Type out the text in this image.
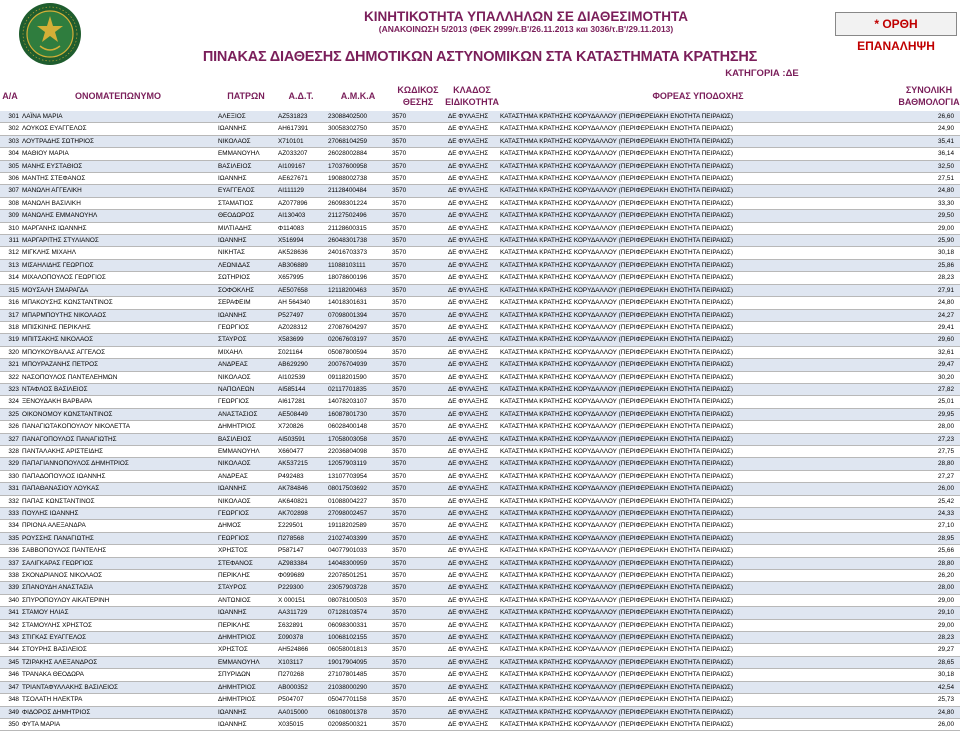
ΚΙΝΗΤΙΚΟΤΗΤΑ ΥΠΑΛΛΗΛΩΝ ΣΕ ΔΙΑΘΕΣΙΜΟΤΗΤΑ
(ΑΝΑΚΟΙΝΩΣΗ 5/2013 (ΦΕΚ 2999/τ.Β'/26.11.2013 και 3036/τ.Β'/29.11.2013)	* ΟΡΘΗ ΕΠΑΝΑΛΗΨΗ
ΠΙΝΑΚΑΣ ΔΙΑΘΕΣΗΣ ΔΗΜΟΤΙΚΩΝ ΑΣΤΥΝΟΜΙΚΩΝ ΣΤΑ ΚΑΤΑΣΤΗΜΑΤΑ ΚΡΑΤΗΣΗΣ
ΚΑΤΗΓΟΡΙΑ :ΔΕ
Α/Α	ΟΝΟΜΑΤΕΠΩΝΥΜΟ	ΠΑΤΡΩΝ	Α.Δ.Τ.	Α.Μ.Κ.Α
ΚΩΔΙΚΟΣ
ΘΕΣΗΣ
ΚΛΑΔΟΣ
ΕΙΔΙΚΟΤΗΤΑ
ΦΟΡΕΑΣ ΥΠΟΔΟΧΗΣ
ΣΥΝΟΛΙΚΗ
ΒΑΘΜΟΛΟΓΙΑ
301	ΛΑΪΝΑ ΜΑΡΙΑ	ΑΛΕΞΙΟΣ	ΑΖ531823	23088402500	3570	ΔΕ ΦΥΛΑΞΗΣ	ΚΑΤΑΣΤΗΜΑ ΚΡΑΤΗΣΗΣ ΚΟΡΥΔΑΛΛΟΥ (ΠΕΡΙΦΕΡΕΙΑΚΗ ΕΝΟΤΗΤΑ ΠΕΙΡΑΙΩΣ)	26,60
302	ΛΟΥΚΟΣ ΕΥΑΓΓΕΛΟΣ	ΙΩΑΝΝΗΣ	ΑΗ617391	30058302750	3570	ΔΕ ΦΥΛΑΞΗΣ	ΚΑΤΑΣΤΗΜΑ ΚΡΑΤΗΣΗΣ ΚΟΡΥΔΑΛΛΟΥ (ΠΕΡΙΦΕΡΕΙΑΚΗ ΕΝΟΤΗΤΑ ΠΕΙΡΑΙΩΣ)	24,90
303	ΛΟΥΤΡΑΔΗΣ ΣΩΤΗΡΙΟΣ	ΝΙΚΟΛΑΟΣ	Χ710101	27068104259	3570	ΔΕ ΦΥΛΑΞΗΣ	ΚΑΤΑΣΤΗΜΑ ΚΡΑΤΗΣΗΣ ΚΟΡΥΔΑΛΛΟΥ (ΠΕΡΙΦΕΡΕΙΑΚΗ ΕΝΟΤΗΤΑ ΠΕΙΡΑΙΩΣ)	35,41
304	ΜΑΘΙΟΥ ΜΑΡΙΑ	ΕΜΜΑΝΟΥΗΛ	ΑΖ033207	26028002884	3570	ΔΕ ΦΥΛΑΞΗΣ	ΚΑΤΑΣΤΗΜΑ ΚΡΑΤΗΣΗΣ ΚΟΡΥΔΑΛΛΟΥ (ΠΕΡΙΦΕΡΕΙΑΚΗ ΕΝΟΤΗΤΑ ΠΕΙΡΑΙΩΣ)	36,14
305	ΜΑΝΗΣ ΕΥΣΤΑΘΙΟΣ	ΒΑΣΙΛΕΙΟΣ	ΑΙ109167	17037600958	3570	ΔΕ ΦΥΛΑΞΗΣ	ΚΑΤΑΣΤΗΜΑ ΚΡΑΤΗΣΗΣ ΚΟΡΥΔΑΛΛΟΥ (ΠΕΡΙΦΕΡΕΙΑΚΗ ΕΝΟΤΗΤΑ ΠΕΙΡΑΙΩΣ)	32,50
306	ΜΑΝΤΗΣ ΣΤΕΦΑΝΟΣ	ΙΩΑΝΝΗΣ	ΑΕ627671	19088002738	3570	ΔΕ ΦΥΛΑΞΗΣ	ΚΑΤΑΣΤΗΜΑ ΚΡΑΤΗΣΗΣ ΚΟΡΥΔΑΛΛΟΥ (ΠΕΡΙΦΕΡΕΙΑΚΗ ΕΝΟΤΗΤΑ ΠΕΙΡΑΙΩΣ)	27,51
307	ΜΑΝΩΛΗ ΑΓΓΕΛΙΚΗ	ΕΥΑΓΓΕΛΟΣ	ΑΙ111129	21128400484	3570	ΔΕ ΦΥΛΑΞΗΣ	ΚΑΤΑΣΤΗΜΑ ΚΡΑΤΗΣΗΣ ΚΟΡΥΔΑΛΛΟΥ (ΠΕΡΙΦΕΡΕΙΑΚΗ ΕΝΟΤΗΤΑ ΠΕΙΡΑΙΩΣ)	24,80
308	ΜΑΝΩΛΗ ΒΑΣΙΛΙΚΗ	ΣΤΑΜΑΤΙΟΣ	ΑΖ077896	26098301224	3570	ΔΕ ΦΥΛΑΞΗΣ	ΚΑΤΑΣΤΗΜΑ ΚΡΑΤΗΣΗΣ ΚΟΡΥΔΑΛΛΟΥ (ΠΕΡΙΦΕΡΕΙΑΚΗ ΕΝΟΤΗΤΑ ΠΕΙΡΑΙΩΣ)	33,30
309	ΜΑΝΩΛΗΣ ΕΜΜΑΝΟΥΗΛ	ΘΕΟΔΩΡΟΣ	ΑΙ130403	21127502496	3570	ΔΕ ΦΥΛΑΞΗΣ	ΚΑΤΑΣΤΗΜΑ ΚΡΑΤΗΣΗΣ ΚΟΡΥΔΑΛΛΟΥ (ΠΕΡΙΦΕΡΕΙΑΚΗ ΕΝΟΤΗΤΑ ΠΕΙΡΑΙΩΣ)	29,50
310	ΜΑΡΓΑΝΗΣ ΙΩΑΝΝΗΣ	ΜΙΛΤΙΑΔΗΣ	Φ114083	21128600315	3570	ΔΕ ΦΥΛΑΞΗΣ	ΚΑΤΑΣΤΗΜΑ ΚΡΑΤΗΣΗΣ ΚΟΡΥΔΑΛΛΟΥ (ΠΕΡΙΦΕΡΕΙΑΚΗ ΕΝΟΤΗΤΑ ΠΕΙΡΑΙΩΣ)	29,00
311	ΜΑΡΓΑΡΙΤΗΣ ΣΤΥΛΙΑΝΟΣ	ΙΩΑΝΝΗΣ	Χ516994	26048301738	3570	ΔΕ ΦΥΛΑΞΗΣ	ΚΑΤΑΣΤΗΜΑ ΚΡΑΤΗΣΗΣ ΚΟΡΥΔΑΛΛΟΥ (ΠΕΡΙΦΕΡΕΙΑΚΗ ΕΝΟΤΗΤΑ ΠΕΙΡΑΙΩΣ)	25,90
312	ΜΙΓΚΛΗΣ ΜΙΧΑΗΛ	ΝΙΚΗΤΑΣ	ΑΚ528636	24016703373	3570	ΔΕ ΦΥΛΑΞΗΣ	ΚΑΤΑΣΤΗΜΑ ΚΡΑΤΗΣΗΣ ΚΟΡΥΔΑΛΛΟΥ (ΠΕΡΙΦΕΡΕΙΑΚΗ ΕΝΟΤΗΤΑ ΠΕΙΡΑΙΩΣ)	30,18
313	ΜΙΣΑΗΛΙΔΗΣ ΓΕΩΡΓΙΟΣ	ΛΕΩΝΙΔΑΣ	ΑΒ306889	11088103111	3570	ΔΕ ΦΥΛΑΞΗΣ	ΚΑΤΑΣΤΗΜΑ ΚΡΑΤΗΣΗΣ ΚΟΡΥΔΑΛΛΟΥ (ΠΕΡΙΦΕΡΕΙΑΚΗ ΕΝΟΤΗΤΑ ΠΕΙΡΑΙΩΣ)	25,86
314	ΜΙΧΑΛΟΠΟΥΛΟΣ ΓΕΩΡΓΙΟΣ	ΣΩΤΗΡΙΟΣ	Χ657995	18078600196	3570	ΔΕ ΦΥΛΑΞΗΣ	ΚΑΤΑΣΤΗΜΑ ΚΡΑΤΗΣΗΣ ΚΟΡΥΔΑΛΛΟΥ (ΠΕΡΙΦΕΡΕΙΑΚΗ ΕΝΟΤΗΤΑ ΠΕΙΡΑΙΩΣ)	28,23
315	ΜΟΥΣΑΛΗ ΣΜΑΡΑΓΔΑ	ΣΟΦΟΚΛΗΣ	ΑΕ507658	12118200463	3570	ΔΕ ΦΥΛΑΞΗΣ	ΚΑΤΑΣΤΗΜΑ ΚΡΑΤΗΣΗΣ ΚΟΡΥΔΑΛΛΟΥ (ΠΕΡΙΦΕΡΕΙΑΚΗ ΕΝΟΤΗΤΑ ΠΕΙΡΑΙΩΣ)	27,91
316	ΜΠΑΚΟΥΣΗΣ ΚΩΝΣΤΑΝΤΙΝΟΣ	ΣΕΡΑΦΕΙΜ	ΑΗ 564340	14018301631	3570	ΔΕ ΦΥΛΑΞΗΣ	ΚΑΤΑΣΤΗΜΑ ΚΡΑΤΗΣΗΣ ΚΟΡΥΔΑΛΛΟΥ (ΠΕΡΙΦΕΡΕΙΑΚΗ ΕΝΟΤΗΤΑ ΠΕΙΡΑΙΩΣ)	24,80
317	ΜΠΑΡΜΠΟΥΤΗΣ ΝΙΚΟΛΑΟΣ	ΙΩΑΝΝΗΣ	Ρ527497	07098001394	3570	ΔΕ ΦΥΛΑΞΗΣ	ΚΑΤΑΣΤΗΜΑ ΚΡΑΤΗΣΗΣ ΚΟΡΥΔΑΛΛΟΥ (ΠΕΡΙΦΕΡΕΙΑΚΗ ΕΝΟΤΗΤΑ ΠΕΙΡΑΙΩΣ)	24,27
318	ΜΠΙΣΚΙΝΗΣ ΠΕΡΙΚΛΗΣ	ΓΕΩΡΓΙΟΣ	ΑΖ028312	27087604297	3570	ΔΕ ΦΥΛΑΞΗΣ	ΚΑΤΑΣΤΗΜΑ ΚΡΑΤΗΣΗΣ ΚΟΡΥΔΑΛΛΟΥ (ΠΕΡΙΦΕΡΕΙΑΚΗ ΕΝΟΤΗΤΑ ΠΕΙΡΑΙΩΣ)	29,41
319	ΜΠΙΤΣΑΚΗΣ ΝΙΚΟΛΑΟΣ	ΣΤΑΥΡΟΣ	Χ583699	02067603197	3570	ΔΕ ΦΥΛΑΞΗΣ	ΚΑΤΑΣΤΗΜΑ ΚΡΑΤΗΣΗΣ ΚΟΡΥΔΑΛΛΟΥ (ΠΕΡΙΦΕΡΕΙΑΚΗ ΕΝΟΤΗΤΑ ΠΕΙΡΑΙΩΣ)	29,60
320	ΜΠΟΥΚΟΥΒΑΛΑΣ ΑΓΓΕΛΟΣ	ΜΙΧΑΗΛ	Σ021164	05087800594	3570	ΔΕ ΦΥΛΑΞΗΣ	ΚΑΤΑΣΤΗΜΑ ΚΡΑΤΗΣΗΣ ΚΟΡΥΔΑΛΛΟΥ (ΠΕΡΙΦΕΡΕΙΑΚΗ ΕΝΟΤΗΤΑ ΠΕΙΡΑΙΩΣ)	32,61
321	ΜΠΟΥΡΑΖΑΝΗΣ ΠΕΤΡΟΣ	ΑΝΔΡΕΑΣ	ΑΒ629290	20076704939	3570	ΔΕ ΦΥΛΑΞΗΣ	ΚΑΤΑΣΤΗΜΑ ΚΡΑΤΗΣΗΣ ΚΟΡΥΔΑΛΛΟΥ (ΠΕΡΙΦΕΡΕΙΑΚΗ ΕΝΟΤΗΤΑ ΠΕΙΡΑΙΩΣ)	29,47
322	ΝΑΣΟΠΟΥΛΟΣ ΠΑΝΤΕΛΕΗΜΩΝ	ΝΙΚΟΛΑΟΣ	ΑΙ102539	09118201590	3570	ΔΕ ΦΥΛΑΞΗΣ	ΚΑΤΑΣΤΗΜΑ ΚΡΑΤΗΣΗΣ ΚΟΡΥΔΑΛΛΟΥ (ΠΕΡΙΦΕΡΕΙΑΚΗ ΕΝΟΤΗΤΑ ΠΕΙΡΑΙΩΣ)	30,20
323	ΝΤΑΦΛΟΣ ΒΑΣΙΛΕΙΟΣ	ΝΑΠΟΛΕΩΝ	ΑΙ585144	02117701835	3570	ΔΕ ΦΥΛΑΞΗΣ	ΚΑΤΑΣΤΗΜΑ ΚΡΑΤΗΣΗΣ ΚΟΡΥΔΑΛΛΟΥ (ΠΕΡΙΦΕΡΕΙΑΚΗ ΕΝΟΤΗΤΑ ΠΕΙΡΑΙΩΣ)	27,82
324	ΞΕΝΟΥΔΑΚΗ ΒΑΡΒΑΡΑ	ΓΕΩΡΓΙΟΣ	ΑΙ617281	14078203107	3570	ΔΕ ΦΥΛΑΞΗΣ	ΚΑΤΑΣΤΗΜΑ ΚΡΑΤΗΣΗΣ ΚΟΡΥΔΑΛΛΟΥ (ΠΕΡΙΦΕΡΕΙΑΚΗ ΕΝΟΤΗΤΑ ΠΕΙΡΑΙΩΣ)	25,01
325	ΟΙΚΟΝΟΜΟΥ ΚΩΝΣΤΑΝΤΙΝΟΣ	ΑΝΑΣΤΑΣΙΟΣ	ΑΕ508449	16087801730	3570	ΔΕ ΦΥΛΑΞΗΣ	ΚΑΤΑΣΤΗΜΑ ΚΡΑΤΗΣΗΣ ΚΟΡΥΔΑΛΛΟΥ (ΠΕΡΙΦΕΡΕΙΑΚΗ ΕΝΟΤΗΤΑ ΠΕΙΡΑΙΩΣ)	29,95
326	ΠΑΝΑΓΙΩΤΑΚΟΠΟΥΛΟΥ ΝΙΚΟΛΕΤΤΑ	ΔΗΜΗΤΡΙΟΣ	Χ720826	06028400148	3570	ΔΕ ΦΥΛΑΞΗΣ	ΚΑΤΑΣΤΗΜΑ ΚΡΑΤΗΣΗΣ ΚΟΡΥΔΑΛΛΟΥ (ΠΕΡΙΦΕΡΕΙΑΚΗ ΕΝΟΤΗΤΑ ΠΕΙΡΑΙΩΣ)	28,00
327	ΠΑΝΑΓΟΠΟΥΛΟΣ ΠΑΝΑΓΙΩΤΗΣ	ΒΑΣΙΛΕΙΟΣ	ΑΙ503591	17058003058	3570	ΔΕ ΦΥΛΑΞΗΣ	ΚΑΤΑΣΤΗΜΑ ΚΡΑΤΗΣΗΣ ΚΟΡΥΔΑΛΛΟΥ (ΠΕΡΙΦΕΡΕΙΑΚΗ ΕΝΟΤΗΤΑ ΠΕΙΡΑΙΩΣ)	27,23
328	ΠΑΝΤΑΛΑΚΗΣ ΑΡΙΣΤΕΙΔΗΣ	ΕΜΜΑΝΟΥΗΛ	Χ660477	22036804098	3570	ΔΕ ΦΥΛΑΞΗΣ	ΚΑΤΑΣΤΗΜΑ ΚΡΑΤΗΣΗΣ ΚΟΡΥΔΑΛΛΟΥ (ΠΕΡΙΦΕΡΕΙΑΚΗ ΕΝΟΤΗΤΑ ΠΕΙΡΑΙΩΣ)	27,75
329	ΠΑΠΑΓΙΑΝΝΟΠΟΥΛΟΣ ΔΗΜΗΤΡΙΟΣ	ΝΙΚΟΛΑΟΣ	ΑΚ537215	12057903119	3570	ΔΕ ΦΥΛΑΞΗΣ	ΚΑΤΑΣΤΗΜΑ ΚΡΑΤΗΣΗΣ ΚΟΡΥΔΑΛΛΟΥ (ΠΕΡΙΦΕΡΕΙΑΚΗ ΕΝΟΤΗΤΑ ΠΕΙΡΑΙΩΣ)	28,80
330	ΠΑΠΑΔΟΠΟΥΛΟΣ ΙΩΑΝΝΗΣ	ΑΝΔΡΕΑΣ	Ρ492483	13107703954	3570	ΔΕ ΦΥΛΑΞΗΣ	ΚΑΤΑΣΤΗΜΑ ΚΡΑΤΗΣΗΣ ΚΟΡΥΔΑΛΛΟΥ (ΠΕΡΙΦΕΡΕΙΑΚΗ ΕΝΟΤΗΤΑ ΠΕΙΡΑΙΩΣ)	27,27
331	ΠΑΠΑΘΑΝΑΣΙΟΥ ΛΟΥΚΑΣ	ΙΩΑΝΝΗΣ	ΑΚ784846	08017503692	3570	ΔΕ ΦΥΛΑΞΗΣ	ΚΑΤΑΣΤΗΜΑ ΚΡΑΤΗΣΗΣ ΚΟΡΥΔΑΛΛΟΥ (ΠΕΡΙΦΕΡΕΙΑΚΗ ΕΝΟΤΗΤΑ ΠΕΙΡΑΙΩΣ)	26,00
332	ΠΑΠΑΣ ΚΩΝΣΤΑΝΤΙΝΟΣ	ΝΙΚΟΛΑΟΣ	ΑΚ640821	01088004227	3570	ΔΕ ΦΥΛΑΞΗΣ	ΚΑΤΑΣΤΗΜΑ ΚΡΑΤΗΣΗΣ ΚΟΡΥΔΑΛΛΟΥ (ΠΕΡΙΦΕΡΕΙΑΚΗ ΕΝΟΤΗΤΑ ΠΕΙΡΑΙΩΣ)	25,42
333	ΠΟΥΛΗΣ ΙΩΑΝΝΗΣ	ΓΕΩΡΓΙΟΣ	ΑΚ702898	27098002457	3570	ΔΕ ΦΥΛΑΞΗΣ	ΚΑΤΑΣΤΗΜΑ ΚΡΑΤΗΣΗΣ ΚΟΡΥΔΑΛΛΟΥ (ΠΕΡΙΦΕΡΕΙΑΚΗ ΕΝΟΤΗΤΑ ΠΕΙΡΑΙΩΣ)	24,33
334	ΠΡΙΟΝΑ ΑΛΕΞΑΝΔΡΑ	ΔΗΜΟΣ	Σ229501	19118202589	3570	ΔΕ ΦΥΛΑΞΗΣ	ΚΑΤΑΣΤΗΜΑ ΚΡΑΤΗΣΗΣ ΚΟΡΥΔΑΛΛΟΥ (ΠΕΡΙΦΕΡΕΙΑΚΗ ΕΝΟΤΗΤΑ ΠΕΙΡΑΙΩΣ)	27,10
335	ΡΟΥΣΣΗΣ ΠΑΝΑΓΙΩΤΗΣ	ΓΕΩΡΓΙΟΣ	Π278568	21027403399	3570	ΔΕ ΦΥΛΑΞΗΣ	ΚΑΤΑΣΤΗΜΑ ΚΡΑΤΗΣΗΣ ΚΟΡΥΔΑΛΛΟΥ (ΠΕΡΙΦΕΡΕΙΑΚΗ ΕΝΟΤΗΤΑ ΠΕΙΡΑΙΩΣ)	28,95
336	ΣΑΒΒΟΠΟΥΛΟΣ ΠΑΝΤΕΛΗΣ	ΧΡΗΣΤΟΣ	Ρ587147	04077901033	3570	ΔΕ ΦΥΛΑΞΗΣ	ΚΑΤΑΣΤΗΜΑ ΚΡΑΤΗΣΗΣ ΚΟΡΥΔΑΛΛΟΥ (ΠΕΡΙΦΕΡΕΙΑΚΗ ΕΝΟΤΗΤΑ ΠΕΙΡΑΙΩΣ)	25,66
337	ΣΑΛΙΓΚΑΡΑΣ ΓΕΩΡΓΙΟΣ	ΣΤΕΦΑΝΟΣ	ΑΖ983384	14048300959	3570	ΔΕ ΦΥΛΑΞΗΣ	ΚΑΤΑΣΤΗΜΑ ΚΡΑΤΗΣΗΣ ΚΟΡΥΔΑΛΛΟΥ (ΠΕΡΙΦΕΡΕΙΑΚΗ ΕΝΟΤΗΤΑ ΠΕΙΡΑΙΩΣ)	28,80
338	ΣΚΟΝΔΡΙΑΝΟΣ ΝΙΚΟΛΑΟΣ	ΠΕΡΙΚΛΗΣ	Φ099689	22078501251	3570	ΔΕ ΦΥΛΑΞΗΣ	ΚΑΤΑΣΤΗΜΑ ΚΡΑΤΗΣΗΣ ΚΟΡΥΔΑΛΛΟΥ (ΠΕΡΙΦΕΡΕΙΑΚΗ ΕΝΟΤΗΤΑ ΠΕΙΡΑΙΩΣ)	26,20
339	ΣΠΑΝΟΥΔΗ ΑΝΑΣΤΑΣΙΑ	ΣΤΑΥΡΟΣ	Ρ229300	23057903728	3570	ΔΕ ΦΥΛΑΞΗΣ	ΚΑΤΑΣΤΗΜΑ ΚΡΑΤΗΣΗΣ ΚΟΡΥΔΑΛΛΟΥ (ΠΕΡΙΦΕΡΕΙΑΚΗ ΕΝΟΤΗΤΑ ΠΕΙΡΑΙΩΣ)	28,00
340	ΣΠΥΡΟΠΟΥΛΟΥ ΑΙΚΑΤΕΡΙΝΗ	ΑΝΤΩΝΙΟΣ	Χ 000151	08078100503	3570	ΔΕ ΦΥΛΑΞΗΣ	ΚΑΤΑΣΤΗΜΑ ΚΡΑΤΗΣΗΣ ΚΟΡΥΔΑΛΛΟΥ (ΠΕΡΙΦΕΡΕΙΑΚΗ ΕΝΟΤΗΤΑ ΠΕΙΡΑΙΩΣ)	29,00
341	ΣΤΑΜΟΥ ΗΛΙΑΣ	ΙΩΑΝΝΗΣ	ΑΑ311729	07128103574	3570	ΔΕ ΦΥΛΑΞΗΣ	ΚΑΤΑΣΤΗΜΑ ΚΡΑΤΗΣΗΣ ΚΟΡΥΔΑΛΛΟΥ (ΠΕΡΙΦΕΡΕΙΑΚΗ ΕΝΟΤΗΤΑ ΠΕΙΡΑΙΩΣ)	29,10
342	ΣΤΑΜΟΥΛΗΣ ΧΡΗΣΤΟΣ	ΠΕΡΙΚΛΗΣ	Σ632891	06098300331	3570	ΔΕ ΦΥΛΑΞΗΣ	ΚΑΤΑΣΤΗΜΑ ΚΡΑΤΗΣΗΣ ΚΟΡΥΔΑΛΛΟΥ (ΠΕΡΙΦΕΡΕΙΑΚΗ ΕΝΟΤΗΤΑ ΠΕΙΡΑΙΩΣ)	29,00
343	ΣΤΙΓΚΑΣ ΕΥΑΓΓΕΛΟΣ	ΔΗΜΗΤΡΙΟΣ	Σ090378	10068102155	3570	ΔΕ ΦΥΛΑΞΗΣ	ΚΑΤΑΣΤΗΜΑ ΚΡΑΤΗΣΗΣ ΚΟΡΥΔΑΛΛΟΥ (ΠΕΡΙΦΕΡΕΙΑΚΗ ΕΝΟΤΗΤΑ ΠΕΙΡΑΙΩΣ)	28,23
344	ΣΤΟΥΡΗΣ ΒΑΣΙΛΕΙΟΣ	ΧΡΗΣΤΟΣ	ΑΗ524866	06058001813	3570	ΔΕ ΦΥΛΑΞΗΣ	ΚΑΤΑΣΤΗΜΑ ΚΡΑΤΗΣΗΣ ΚΟΡΥΔΑΛΛΟΥ (ΠΕΡΙΦΕΡΕΙΑΚΗ ΕΝΟΤΗΤΑ ΠΕΙΡΑΙΩΣ)	29,27
345	ΤΖΙΡΑΚΗΣ ΑΛΕΞΑΝΔΡΟΣ	ΕΜΜΑΝΟΥΗΛ	Χ103117	19017904095	3570	ΔΕ ΦΥΛΑΞΗΣ	ΚΑΤΑΣΤΗΜΑ ΚΡΑΤΗΣΗΣ ΚΟΡΥΔΑΛΛΟΥ (ΠΕΡΙΦΕΡΕΙΑΚΗ ΕΝΟΤΗΤΑ ΠΕΙΡΑΙΩΣ)	28,65
346	ΤΡΑΝΑΚΑ ΘΕΟΔΩΡΑ	ΣΠΥΡΙΔΩΝ	Π270268	27107801485	3570	ΔΕ ΦΥΛΑΞΗΣ	ΚΑΤΑΣΤΗΜΑ ΚΡΑΤΗΣΗΣ ΚΟΡΥΔΑΛΛΟΥ (ΠΕΡΙΦΕΡΕΙΑΚΗ ΕΝΟΤΗΤΑ ΠΕΙΡΑΙΩΣ)	30,18
347	ΤΡΙΑΝΤΑΦΥΛΛΑΚΗΣ ΒΑΣΙΛΕΙΟΣ	ΔΗΜΗΤΡΙΟΣ	ΑΒ000352	21038000290	3570	ΔΕ ΦΥΛΑΞΗΣ	ΚΑΤΑΣΤΗΜΑ ΚΡΑΤΗΣΗΣ ΚΟΡΥΔΑΛΛΟΥ (ΠΕΡΙΦΕΡΕΙΑΚΗ ΕΝΟΤΗΤΑ ΠΕΙΡΑΙΩΣ)	42,54
348	ΤΣΟΛΑΤΗ ΗΛΕΚΤΡΑ	ΔΗΜΗΤΡΙΟΣ	Ρ504707	05047701158	3570	ΔΕ ΦΥΛΑΞΗΣ	ΚΑΤΑΣΤΗΜΑ ΚΡΑΤΗΣΗΣ ΚΟΡΥΔΑΛΛΟΥ (ΠΕΡΙΦΕΡΕΙΑΚΗ ΕΝΟΤΗΤΑ ΠΕΙΡΑΙΩΣ)	25,73
349	ΦΙΔΟΡΟΣ ΔΗΜΗΤΡΙΟΣ	ΙΩΑΝΝΗΣ	ΑΑ015000	06108001378	3570	ΔΕ ΦΥΛΑΞΗΣ	ΚΑΤΑΣΤΗΜΑ ΚΡΑΤΗΣΗΣ ΚΟΡΥΔΑΛΛΟΥ (ΠΕΡΙΦΕΡΕΙΑΚΗ ΕΝΟΤΗΤΑ ΠΕΙΡΑΙΩΣ)	24,80
350	ΦΥΤΑ ΜΑΡΙΑ	ΙΩΑΝΝΗΣ	Χ035015	02098500321	3570	ΔΕ ΦΥΛΑΞΗΣ	ΚΑΤΑΣΤΗΜΑ ΚΡΑΤΗΣΗΣ ΚΟΡΥΔΑΛΛΟΥ (ΠΕΡΙΦΕΡΕΙΑΚΗ ΕΝΟΤΗΤΑ ΠΕΙΡΑΙΩΣ)	26,00
